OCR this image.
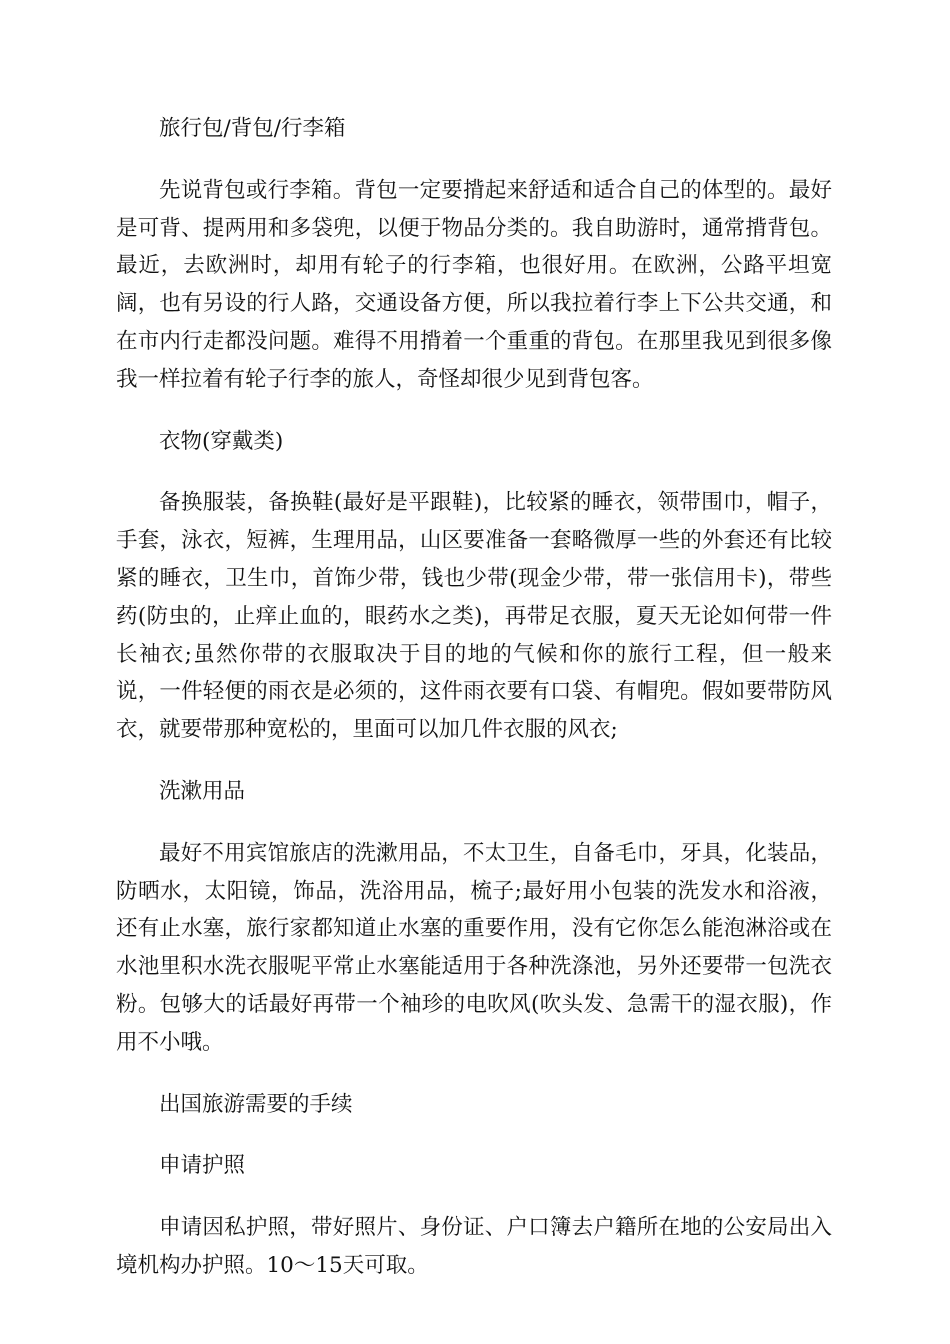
旅行包/背包/行李箱

先说背包或行李箱。背包一定要揹起来舒适和适合自己的体型的。最好是可背、提两用和多袋兜，以便于物品分类的。我自助游时，通常揹背包。最近，去欧洲时，却用有轮子的行李箱，也很好用。在欧洲，公路平坦宽阔，也有另设的行人路，交通设备方便，所以我拉着行李上下公共交通，和在市内行走都没问题。难得不用揹着一个重重的背包。在那里我见到很多像我一样拉着有轮子行李的旅人，奇怪却很少见到背包客。

衣物(穿戴类)

备换服装，备换鞋(最好是平跟鞋)，比较紧的睡衣，领带围巾，帽子，手套，泳衣，短裤，生理用品，山区要准备一套略微厚一些的外套还有比较紧的睡衣，卫生巾，首饰少带，钱也少带(现金少带，带一张信用卡)，带些药(防虫的，止痒止血的，眼药水之类)，再带足衣服，夏天无论如何带一件长袖衣;虽然你带的衣服取决于目的地的气候和你的旅行工程，但一般来说，一件轻便的雨衣是必须的，这件雨衣要有口袋、有帽兜。假如要带防风衣，就要带那种宽松的，里面可以加几件衣服的风衣;

洗漱用品

最好不用宾馆旅店的洗漱用品，不太卫生，自备毛巾，牙具，化装品，防晒水，太阳镜，饰品，洗浴用品，梳子;最好用小包装的洗发水和浴液，还有止水塞，旅行家都知道止水塞的重要作用，没有它你怎么能泡淋浴或在水池里积水洗衣服呢平常止水塞能适用于各种洗涤池，另外还要带一包洗衣粉。包够大的话最好再带一个袖珍的电吹风(吹头发、急需干的湿衣服)，作用不小哦。

出国旅游需要的手续

申请护照

申请因私护照，带好照片、身份证、户口簿去户籍所在地的公安局出入境机构办护照。10～15天可取。
